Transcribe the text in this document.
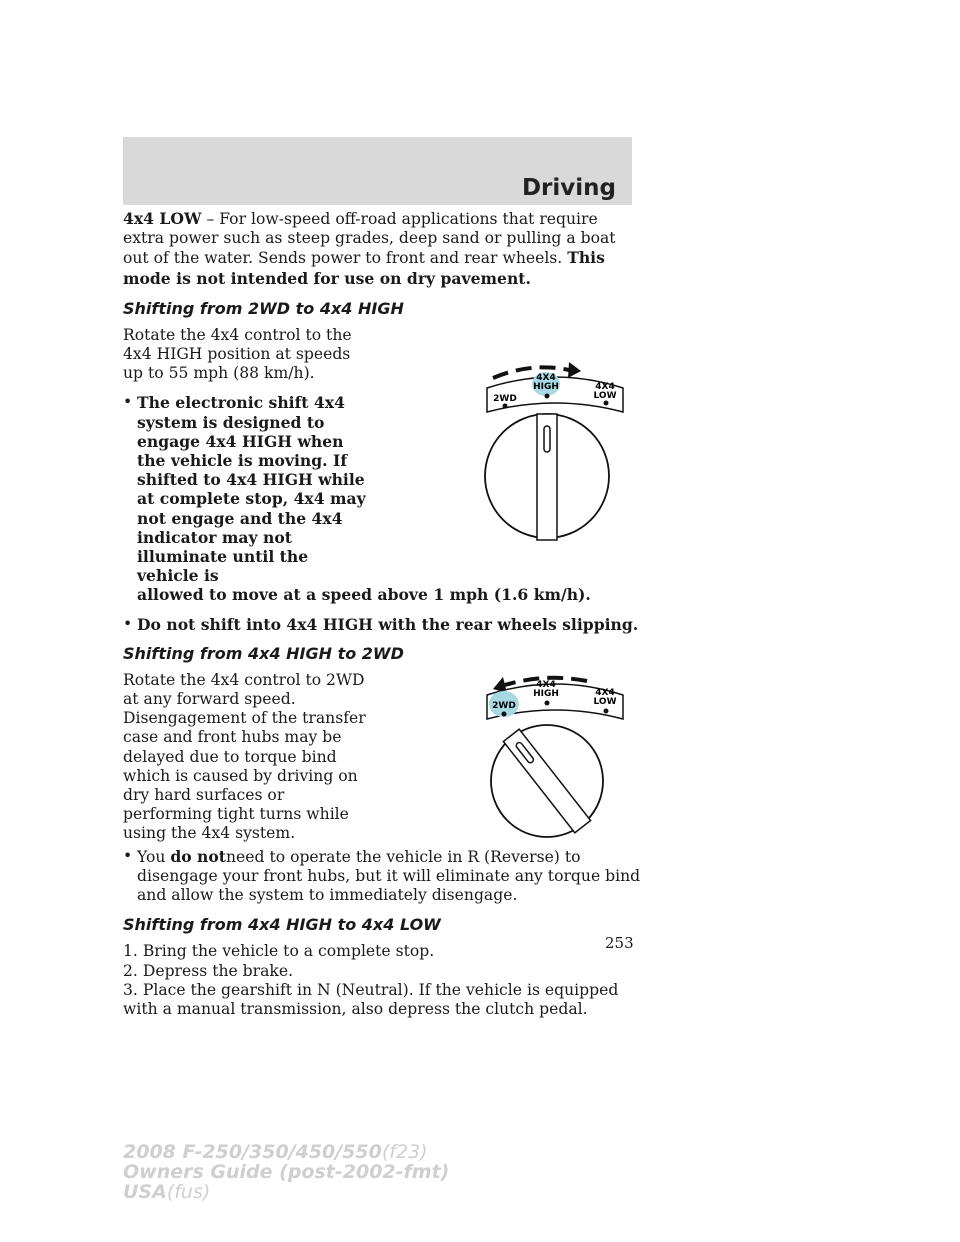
Driving

4x4 LOW – For low-speed off-road applications that require extra power such as steep grades, deep sand or pulling a boat out of the water. Sends power to front and rear wheels. This mode is not intended for use on dry pavement.

Shifting from 2WD to 4x4 HIGH

Rotate the 4x4 control to the 4x4 HIGH position at speeds up to 55 mph (88 km/h).

• The electronic shift 4x4 system is designed to engage 4x4 HIGH when the vehicle is moving. If shifted to 4x4 HIGH while at complete stop, 4x4 may not engage and the 4x4 indicator may not illuminate until the vehicle is
2WD
4X4
HIGH	4X4
LOW
allowed to move at a speed above 1 mph (1.6 km/h).
• Do not shift into 4x4 HIGH with the rear wheels slipping.
Shifting from 4x4 HIGH to 2WD

Rotate the 4x4 control to 2WD at any forward speed. Disengagement of the transfer case and front hubs may be delayed due to torque bind which is caused by driving on dry hard surfaces or performing tight turns while using the 4x4 system.

2WD
4X4
HIGH	4X4
LOW
• You do notneed to operate the vehicle in R (Reverse) to disengage your front hubs, but it will eliminate any torque bind and allow the system to immediately disengage.
Shifting from 4x4 HIGH to 4x4 LOW

1. Bring the vehicle to a complete stop.

2. Depress the brake.

3. Place the gearshift in N (Neutral). If the vehicle is equipped with a manual transmission, also depress the clutch pedal.

253
2008 F-250/350/450/550(f23)
Owners Guide (post-2002-fmt)
USA(fus)
